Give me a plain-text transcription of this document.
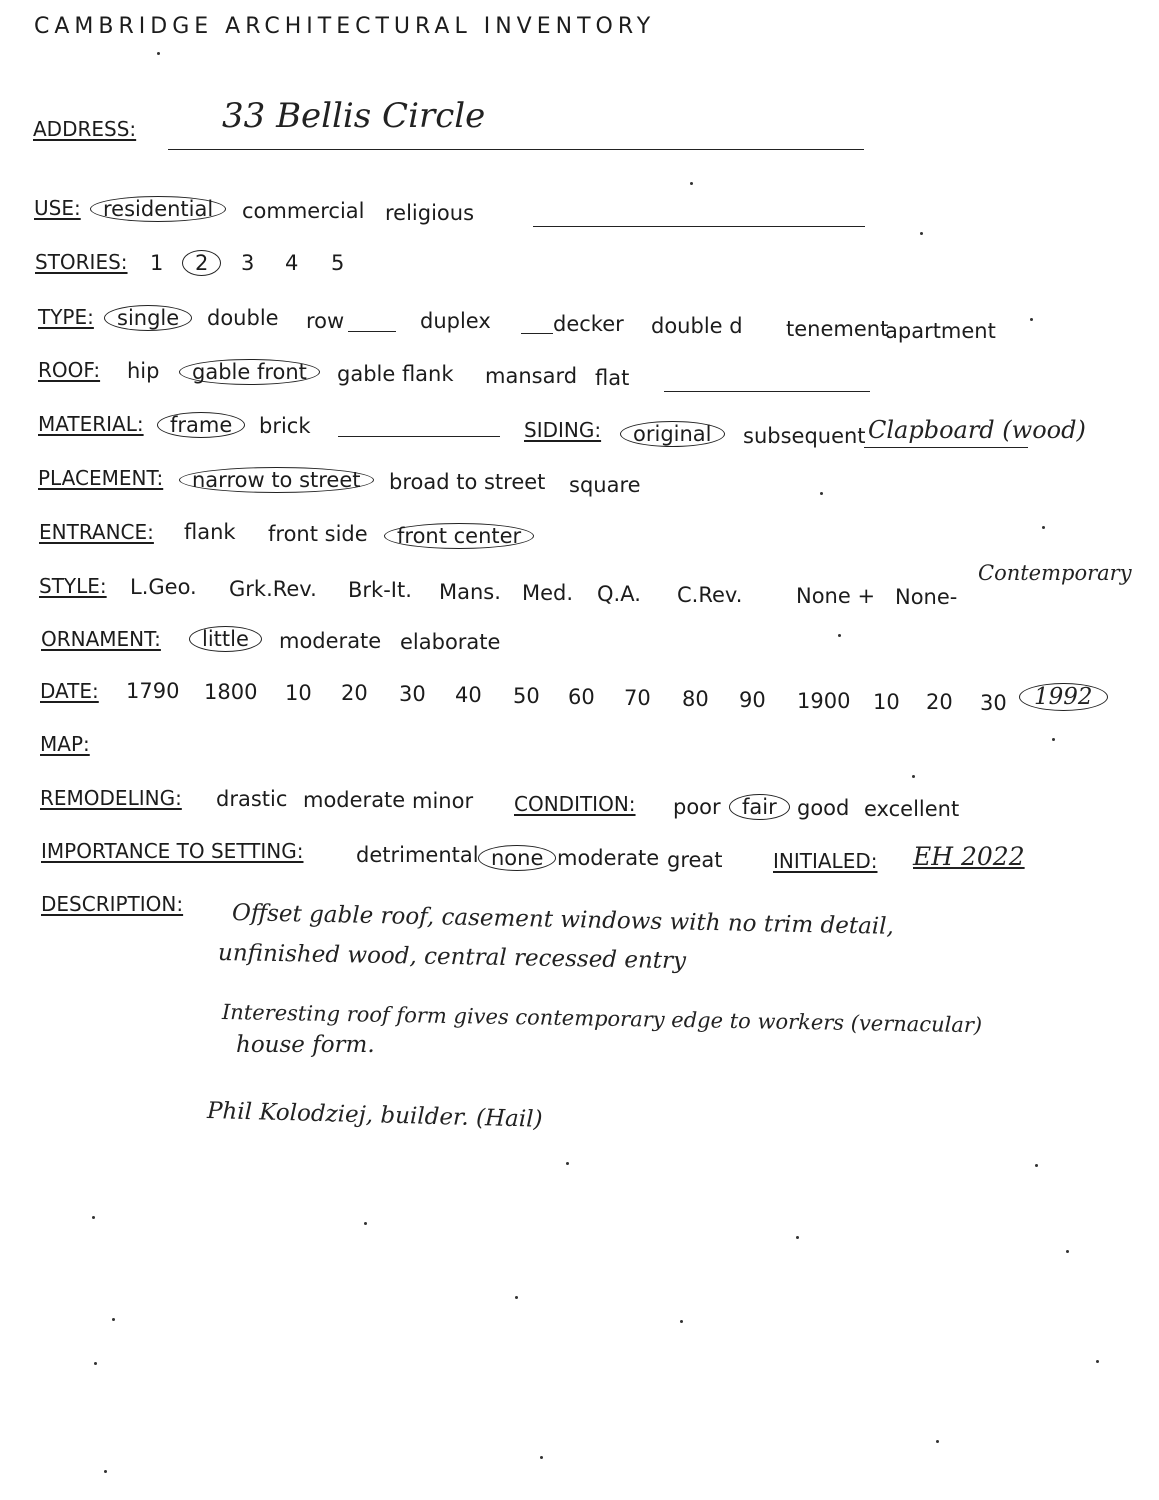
CAMBRIDGE ARCHITECTURAL INVENTORY
ADDRESS:	33 Bellis Circle
USE:	residential	commercial religious
STORIES: 1	2	3 4 5
TYPE:	single	double row	duplex	decker double d tenement
apartment
ROOF: hip	gable front	gable flank mansard flat
MATERIAL:	frame	brick	SIDING:	original	subsequent Clapboard (wood)
PLACEMENT:	narrow to street	broad to street square
ENTRANCE: flank front side	front center
STYLE: L.Geo. Grk.Rev. Brk-It. Mans. Med. Q.A. C.Rev.	None + None-
Contemporary
ORNAMENT:	little	moderate elaborate
DATE: 1790 1800 10 20 30 40 50 60 70 80 90 1900 10 20 30	1992
MAP:
REMODELING: drastic moderate minor CONDITION: poor	fair good excellent
IMPORTANCE TO SETTING:	detrimental none moderate great	INITIALED: EH 2022
DESCRIPTION: Offset gable roof, casement windows with no trim detail,
unfinished wood, central recessed entry
Interesting roof form gives contemporary edge to workers (vernacular)
house form.
Phil Kolodziej, builder. (Hail)
